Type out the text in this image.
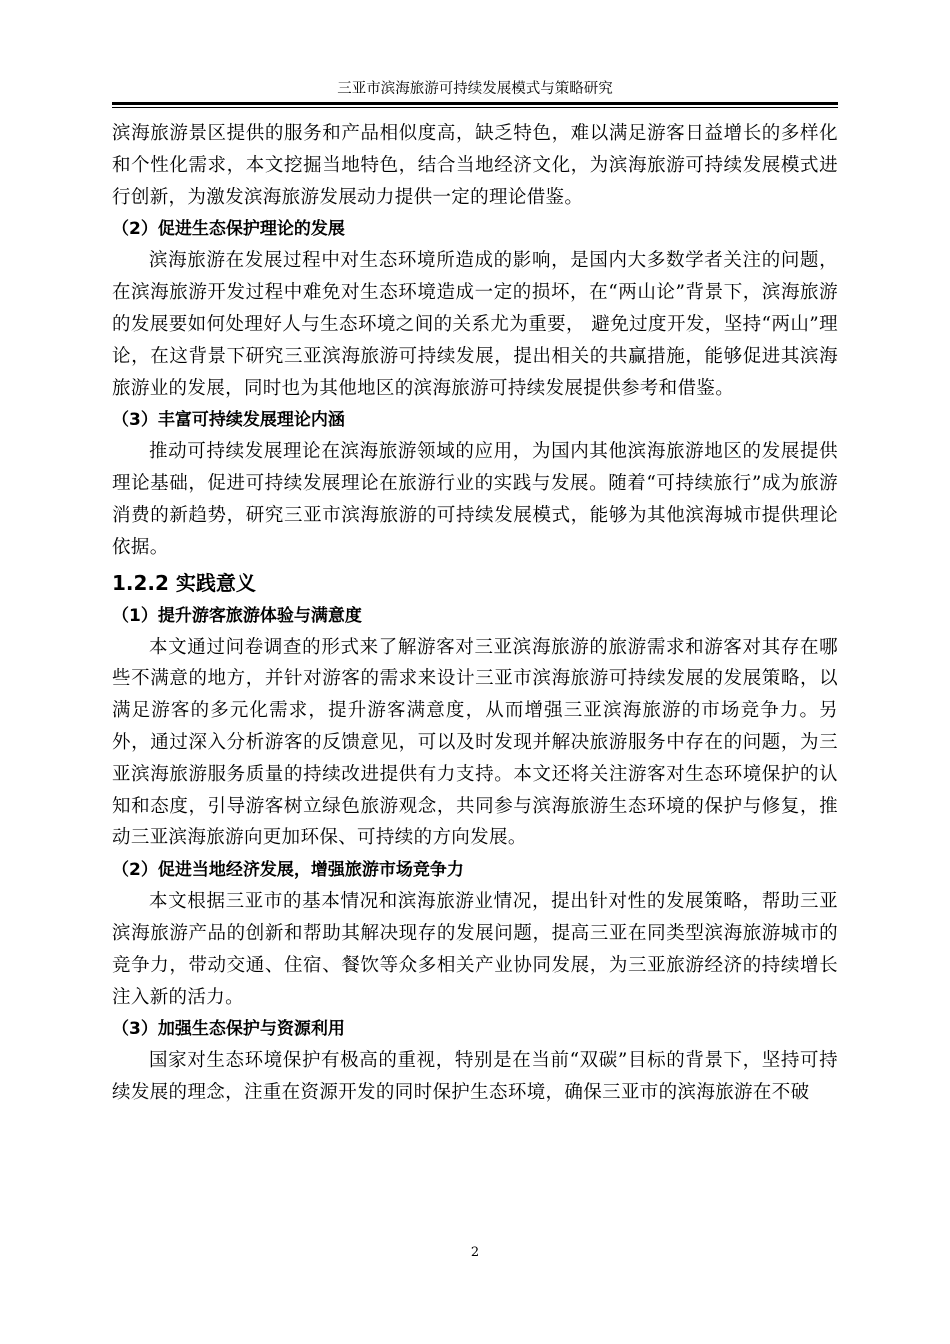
三亚市滨海旅游可持续发展模式与策略研究

滨海旅游景区提供的服务和产品相似度高，缺乏特色，难以满足游客日益增长的多样化和个性化需求，本文挖掘当地特色，结合当地经济文化，为滨海旅游可持续发展模式进行创新，为激发滨海旅游发展动力提供一定的理论借鉴。

（2）促进生态保护理论的发展

滨海旅游在发展过程中对生态环境所造成的影响，是国内大多数学者关注的问题，在滨海旅游开发过程中难免对生态环境造成一定的损坏，在“两山论”背景下，滨海旅游的发展要如何处理好人与生态环境之间的关系尤为重要， 避免过度开发，坚持“两山”理论，在这背景下研究三亚滨海旅游可持续发展，提出相关的共赢措施，能够促进其滨海旅游业的发展，同时也为其他地区的滨海旅游可持续发展提供参考和借鉴。

（3）丰富可持续发展理论内涵

推动可持续发展理论在滨海旅游领域的应用，为国内其他滨海旅游地区的发展提供理论基础，促进可持续发展理论在旅游行业的实践与发展。随着“可持续旅行”成为旅游消费的新趋势，研究三亚市滨海旅游的可持续发展模式，能够为其他滨海城市提供理论依据。

1.2.2 实践意义

（1）提升游客旅游体验与满意度

本文通过问卷调查的形式来了解游客对三亚滨海旅游的旅游需求和游客对其存在哪些不满意的地方，并针对游客的需求来设计三亚市滨海旅游可持续发展的发展策略，以满足游客的多元化需求，提升游客满意度，从而增强三亚滨海旅游的市场竞争力。另外，通过深入分析游客的反馈意见，可以及时发现并解决旅游服务中存在的问题，为三亚滨海旅游服务质量的持续改进提供有力支持。本文还将关注游客对生态环境保护的认知和态度，引导游客树立绿色旅游观念，共同参与滨海旅游生态环境的保护与修复，推动三亚滨海旅游向更加环保、可持续的方向发展。

（2）促进当地经济发展，增强旅游市场竞争力

本文根据三亚市的基本情况和滨海旅游业情况，提出针对性的发展策略，帮助三亚滨海旅游产品的创新和帮助其解决现存的发展问题，提高三亚在同类型滨海旅游城市的竞争力，带动交通、住宿、餐饮等众多相关产业协同发展，为三亚旅游经济的持续增长注入新的活力。

（3）加强生态保护与资源利用

国家对生态环境保护有极高的重视，特别是在当前“双碳”目标的背景下，坚持可持续发展的理念，注重在资源开发的同时保护生态环境，确保三亚市的滨海旅游在不破

2
